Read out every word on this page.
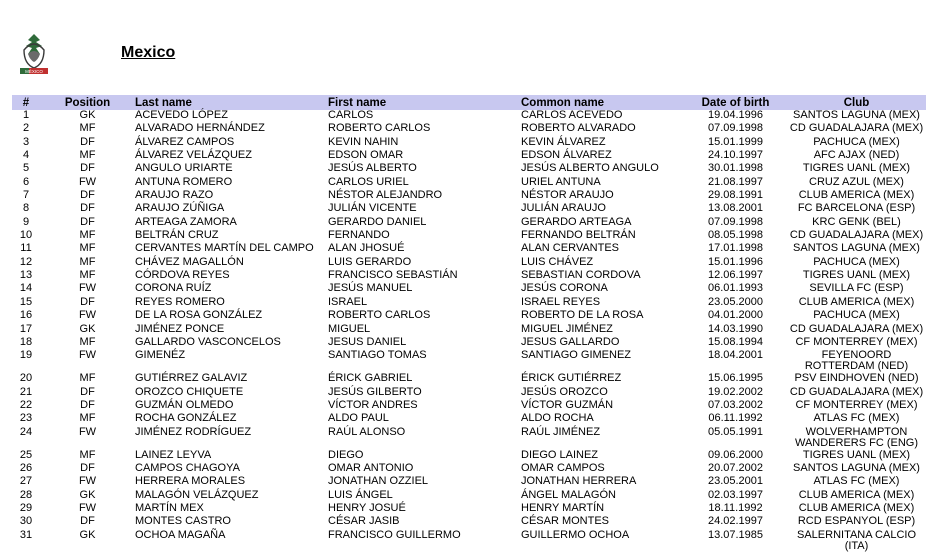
MÉXICO
Mexico
#	Position	Last name	First name	Common name	Date of birth	Club
1	GK	ACEVEDO LÓPEZ	CARLOS	CARLOS ACEVEDO	19.04.1996	SANTOS LAGUNA (MEX)
2	MF	ALVARADO HERNÁNDEZ	ROBERTO CARLOS	ROBERTO ALVARADO	07.09.1998	CD GUADALAJARA (MEX)
3	DF	ÁLVAREZ CAMPOS	KEVIN NAHIN	KEVIN ÁLVAREZ	15.01.1999	PACHUCA (MEX)
4	MF	ÁLVAREZ VELÁZQUEZ	EDSON OMAR	EDSON ÁLVAREZ	24.10.1997	AFC AJAX (NED)
5	DF	ANGULO URIARTE	JESÚS ALBERTO	JESÚS ALBERTO ANGULO	30.01.1998	TIGRES UANL (MEX)
6	FW	ANTUNA ROMERO	CARLOS URIEL	URIEL ANTUNA	21.08.1997	CRUZ AZUL (MEX)
7	DF	ARAUJO RAZO	NÉSTOR ALEJANDRO	NÉSTOR ARAUJO	29.08.1991	CLUB AMERICA (MEX)
8	DF	ARAUJO ZÚÑIGA	JULIÁN VICENTE	JULIÁN ARAUJO	13.08.2001	FC BARCELONA (ESP)
9	DF	ARTEAGA ZAMORA	GERARDO DANIEL	GERARDO ARTEAGA	07.09.1998	KRC GENK (BEL)
10	MF	BELTRÁN CRUZ	FERNANDO	FERNANDO BELTRÁN	08.05.1998	CD GUADALAJARA (MEX)
11	MF	CERVANTES MARTÍN DEL CAMPO	ALAN JHOSUÉ	ALAN CERVANTES	17.01.1998	SANTOS LAGUNA (MEX)
12	MF	CHÁVEZ MAGALLÓN	LUIS GERARDO	LUIS CHÁVEZ	15.01.1996	PACHUCA (MEX)
13	MF	CÓRDOVA REYES	FRANCISCO SEBASTIÁN	SEBASTIAN CORDOVA	12.06.1997	TIGRES UANL (MEX)
14	FW	CORONA RUÍZ	JESÚS MANUEL	JESÚS CORONA	06.01.1993	SEVILLA FC (ESP)
15	DF	REYES ROMERO	ISRAEL	ISRAEL REYES	23.05.2000	CLUB AMERICA (MEX)
16	FW	DE LA ROSA GONZÁLEZ	ROBERTO CARLOS	ROBERTO DE LA ROSA	04.01.2000	PACHUCA (MEX)
17	GK	JIMÉNEZ PONCE	MIGUEL	MIGUEL JIMÉNEZ	14.03.1990	CD GUADALAJARA (MEX)
18	MF	GALLARDO VASCONCELOS	JESUS DANIEL	JESUS GALLARDO	15.08.1994	CF MONTERREY (MEX)
19	FW	GIMENÉZ	SANTIAGO TOMAS	SANTIAGO GIMENEZ	18.04.2001	FEYENOORD ROTTERDAM (NED)
20	MF	GUTIÉRREZ GALAVIZ	ÉRICK GABRIEL	ÉRICK GUTIÉRREZ	15.06.1995	PSV EINDHOVEN (NED)
21	DF	OROZCO CHIQUETE	JESÚS GILBERTO	JESÚS OROZCO	19.02.2002	CD GUADALAJARA (MEX)
22	DF	GUZMÁN OLMEDO	VÍCTOR ANDRES	VÍCTOR GUZMÁN	07.03.2002	CF MONTERREY (MEX)
23	MF	ROCHA GONZÁLEZ	ALDO PAUL	ALDO ROCHA	06.11.1992	ATLAS FC (MEX)
24	FW	JIMÉNEZ RODRÍGUEZ	RAÚL ALONSO	RAÚL JIMÉNEZ	05.05.1991	WOLVERHAMPTON WANDERERS FC (ENG)
25	MF	LAINEZ LEYVA	DIEGO	DIEGO LAINEZ	09.06.2000	TIGRES UANL (MEX)
26	DF	CAMPOS CHAGOYA	OMAR ANTONIO	OMAR CAMPOS	20.07.2002	SANTOS LAGUNA (MEX)
27	FW	HERRERA MORALES	JONATHAN OZZIEL	JONATHAN HERRERA	23.05.2001	ATLAS FC (MEX)
28	GK	MALAGÓN VELÁZQUEZ	LUIS ÁNGEL	ÁNGEL MALAGÓN	02.03.1997	CLUB AMERICA (MEX)
29	FW	MARTÍN MEX	HENRY JOSUÉ	HENRY MARTÍN	18.11.1992	CLUB AMERICA (MEX)
30	DF	MONTES CASTRO	CÉSAR JASIB	CÉSAR MONTES	24.02.1997	RCD ESPANYOL (ESP)
31	GK	OCHOA MAGAÑA	FRANCISCO GUILLERMO	GUILLERMO OCHOA	13.07.1985	SALERNITANA CALCIO (ITA)
